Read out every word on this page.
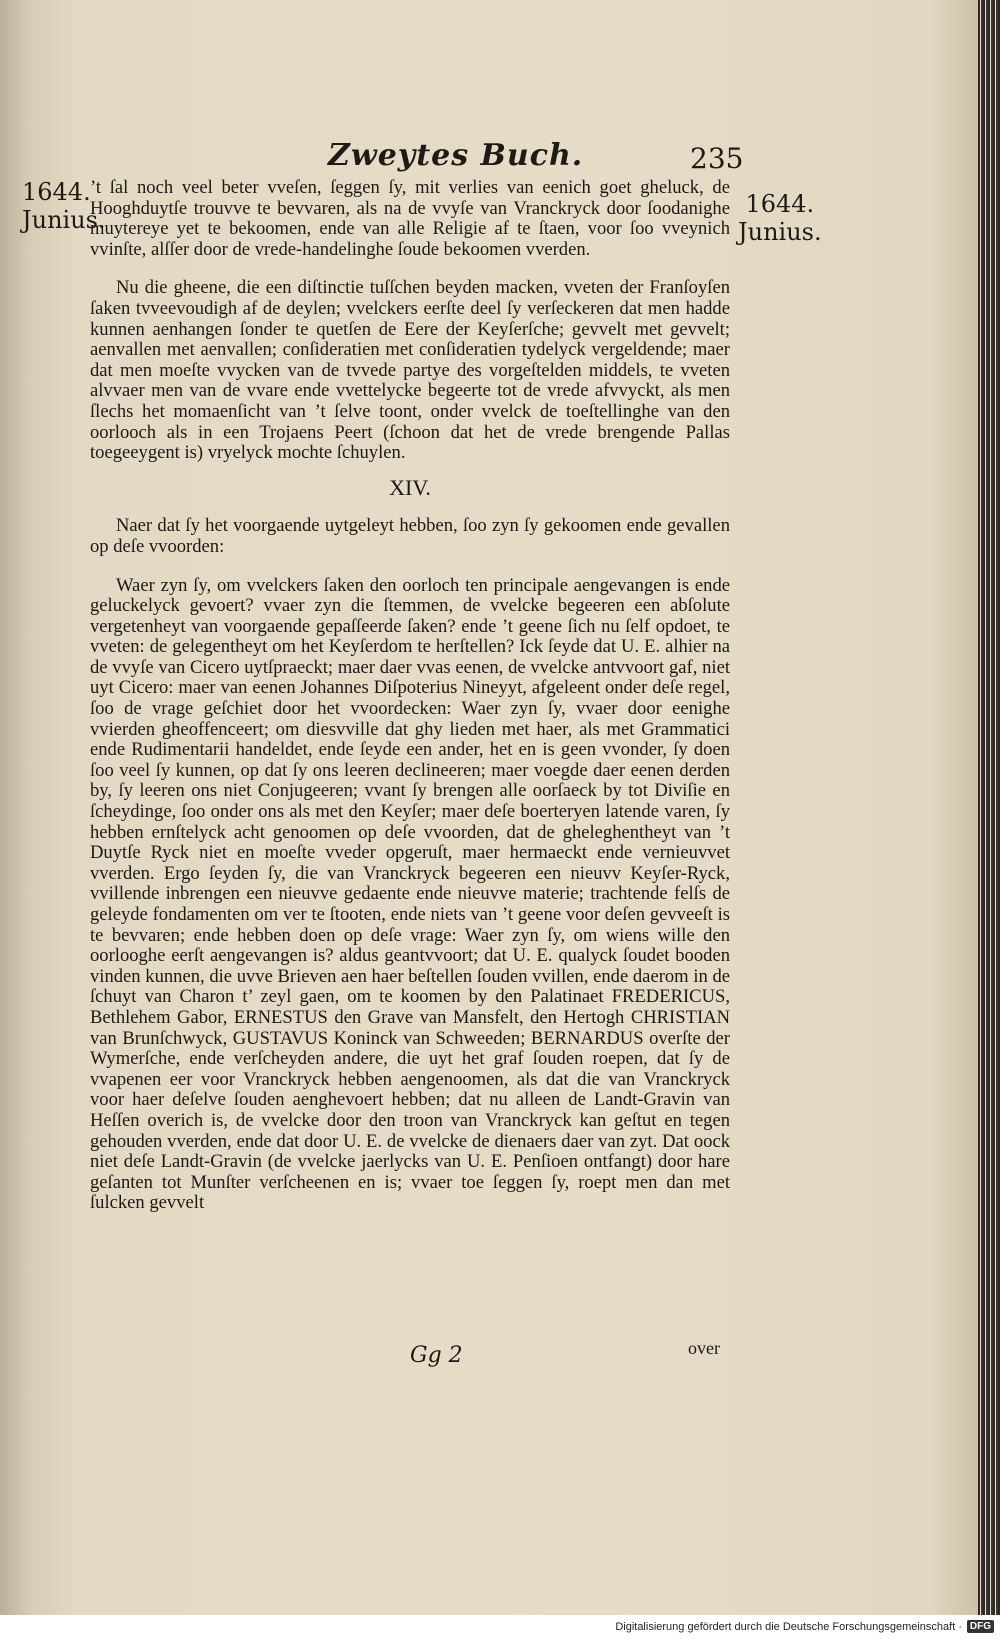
Zweytes Buch.	235
1644.
Junius.
1644.
Junius.

’t ſal noch veel beter vveſen, ſeggen ſy, mit verlies van eenich goet gheluck, de Hooghduytſe trouvve te bevvaren, als na de vvyſe van Vranckryck door ſoodanighe muytereye yet te bekoomen, ende van alle Religie af te ſtaen, voor ſoo vveynich vvinſte, alſſer door de vrede-handelinghe ſoude bekoomen vverden.

Nu die gheene, die een diſtinctie tuſſchen beyden macken, vveten der Franſoyſen ſaken tvveevoudigh af de deylen; vvelckers eerſte deel ſy verſeckeren dat men hadde kunnen aenhangen ſonder te quetſen de Eere der Keyſerſche; gevvelt met gevvelt; aenvallen met aenvallen; conſideratien met conſideratien tydelyck vergeldende; maer dat men moeſte vvycken van de tvvede partye des vorgeſtelden middels, te vveten alvvaer men van de vvare ende vvettelycke begeerte tot de vrede afvvyckt, als men ſlechs het momaenſicht van ’t ſelve toont, onder vvelck de toeſtellinghe van den oorlooch als in een Trojaens Peert (ſchoon dat het de vrede brengende Pallas toegeeygent is) vryelyck mochte ſchuylen.

XIV.

Naer dat ſy het voorgaende uytgeleyt hebben, ſoo zyn ſy gekoomen ende gevallen op deſe vvoorden:

Waer zyn ſy, om vvelckers ſaken den oorloch ten principale aengevangen is ende geluckelyck gevoert? vvaer zyn die ſtemmen, de vvelcke begeeren een abſolute vergetenheyt van voorgaende gepaſſeerde ſaken? ende ’t geene ſich nu ſelf opdoet, te vveten: de gelegentheyt om het Keyſerdom te herſtellen? Ick ſeyde dat U. E. alhier na de vvyſe van Cicero uytſpraeckt; maer daer vvas eenen, de vvelcke antvvoort gaf, niet uyt Cicero: maer van eenen Johannes Diſpoterius Nineyyt, afgeleent onder deſe regel, ſoo de vrage geſchiet door het vvoordecken: Waer zyn ſy, vvaer door eenighe vvierden gheoffenceert; om diesvville dat ghy lieden met haer, als met Grammatici ende Rudimentarii handeldet, ende ſeyde een ander, het en is geen vvonder, ſy doen ſoo veel ſy kunnen, op dat ſy ons leeren declineeren; maer voegde daer eenen derden by, ſy leeren ons niet Conjugeeren; vvant ſy brengen alle oorſaeck by tot Diviſie en ſcheydinge, ſoo onder ons als met den Keyſer; maer deſe boerteryen latende varen, ſy hebben ernſtelyck acht genoomen op deſe vvoorden, dat de gheleghentheyt van ’t Duytſe Ryck niet en moeſte vveder opgeruſt, maer hermaeckt ende vernieuvvet vverden. Ergo ſeyden ſy, die van Vranckryck begeeren een nieuvv Keyſer-Ryck, vvillende inbrengen een nieuvve gedaente ende nieuvve materie; trachtende felſs de geleyde fondamenten om ver te ſtooten, ende niets van ’t geene voor deſen gevveeſt is te bevvaren; ende hebben doen op deſe vrage: Waer zyn ſy, om wiens wille den oorlooghe eerſt aengevangen is? aldus geantvvoort; dat U. E. qualyck ſoudet booden vinden kunnen, die uvve Brieven aen haer beſtellen ſouden vvillen, ende daerom in de ſchuyt van Charon t’ zeyl gaen, om te koomen by den Palatinaet FREDERICUS, Bethlehem Gabor, ERNESTUS den Grave van Mansfelt, den Hertogh CHRISTIAN van Brunſchwyck, GUSTAVUS Koninck van Schweeden; BERNARDUS overſte der Wymerſche, ende verſcheyden andere, die uyt het graf ſouden roepen, dat ſy de vvapenen eer voor Vranckryck hebben aengenoomen, als dat die van Vranckryck voor haer deſelve ſouden aenghevoert hebben; dat nu alleen de Landt-Gravin van Heſſen overich is, de vvelcke door den troon van Vranckryck kan geſtut en tegen gehouden vverden, ende dat door U. E. de vvelcke de dienaers daer van zyt. Dat oock niet deſe Landt-Gravin (de vvelcke jaerlycks van U. E. Penſioen ontfangt) door hare geſanten tot Munſter verſcheenen en is; vvaer toe ſeggen ſy, roept men dan met ſulcken gevvelt

Gg 2	over
Digitalisierung gefördert durch die Deutsche Forschungsgemeinschaft · DFG
